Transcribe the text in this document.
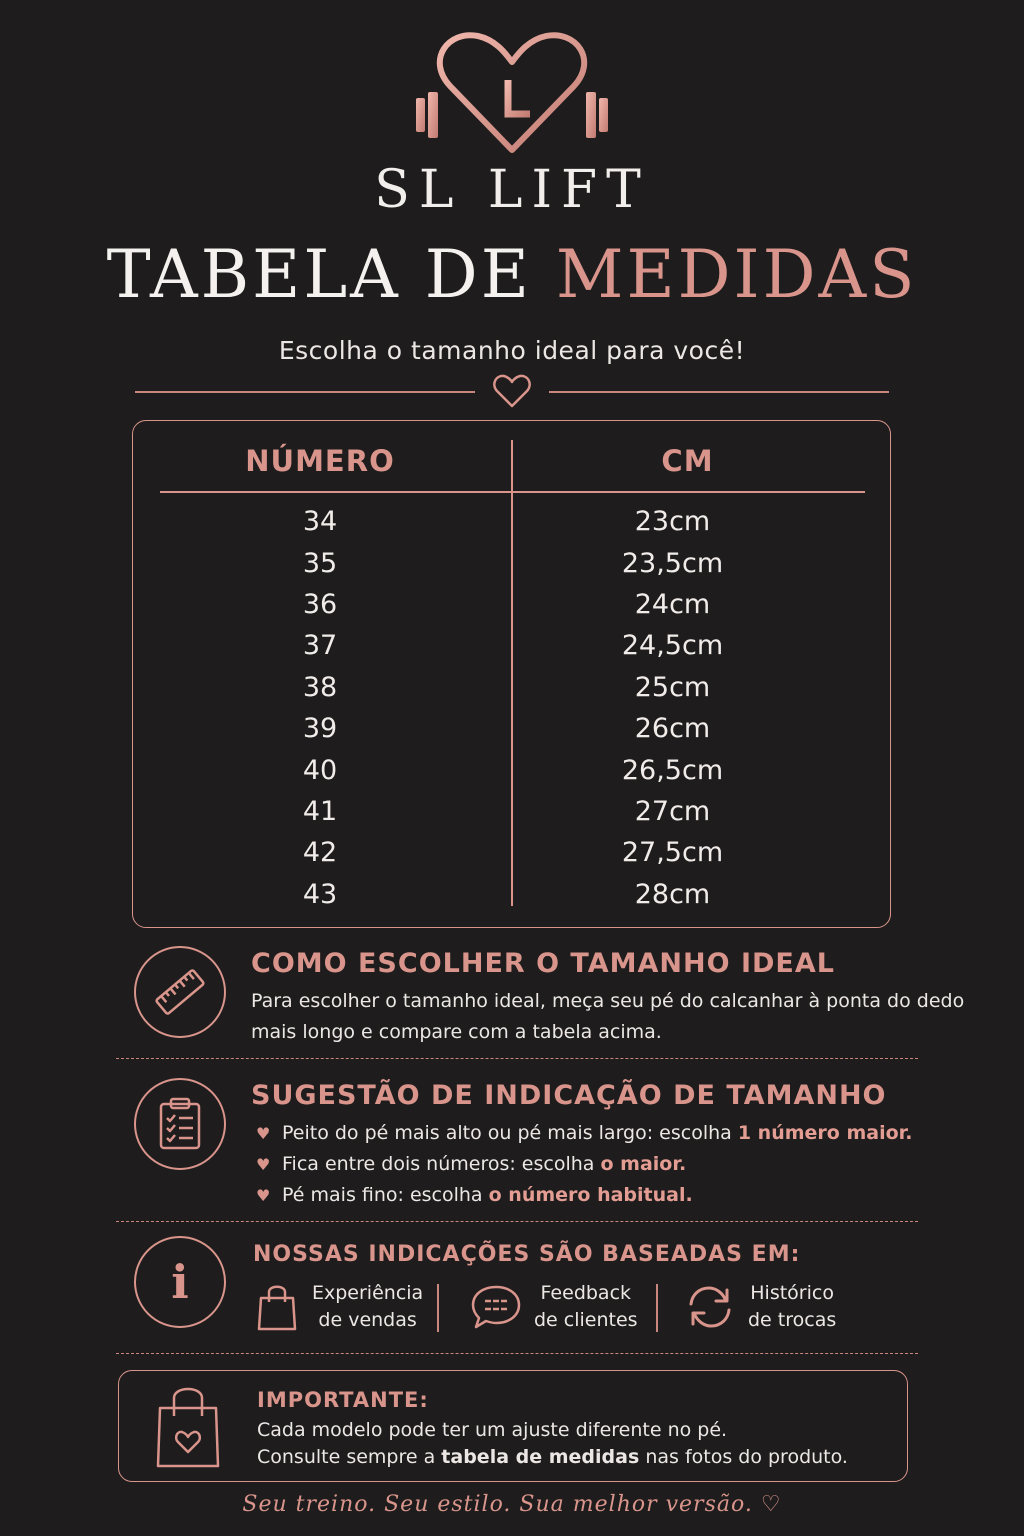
SL LIFT
TABELA DE MEDIDAS
Escolha o tamanho ideal para você!
NÚMERO	CM
34	23cm
35	23,5cm
36	24cm
37	24,5cm
38	25cm
39	26cm
40	26,5cm
41	27cm
42	27,5cm
43	28cm
COMO ESCOLHER O TAMANHO IDEAL
Para escolher o tamanho ideal, meça seu pé do calcanhar à ponta do dedo
mais longo e compare com a tabela acima.
SUGESTÃO DE INDICAÇÃO DE TAMANHO
♥ Peito do pé mais alto ou pé mais largo: escolha
1 número maior.
♥ Fica entre dois números: escolha
o maior.
♥ Pé mais fino: escolha
o número habitual.
i
NOSSAS INDICAÇÕES SÃO BASEADAS EM:
Experiência
de vendas
Feedback
de clientes
Histórico
de trocas
IMPORTANTE:
Cada modelo pode ter um ajuste diferente no pé.
Consulte sempre a tabela de medidas nas fotos do produto.
Seu treino. Seu estilo. Sua melhor versão. ♡
